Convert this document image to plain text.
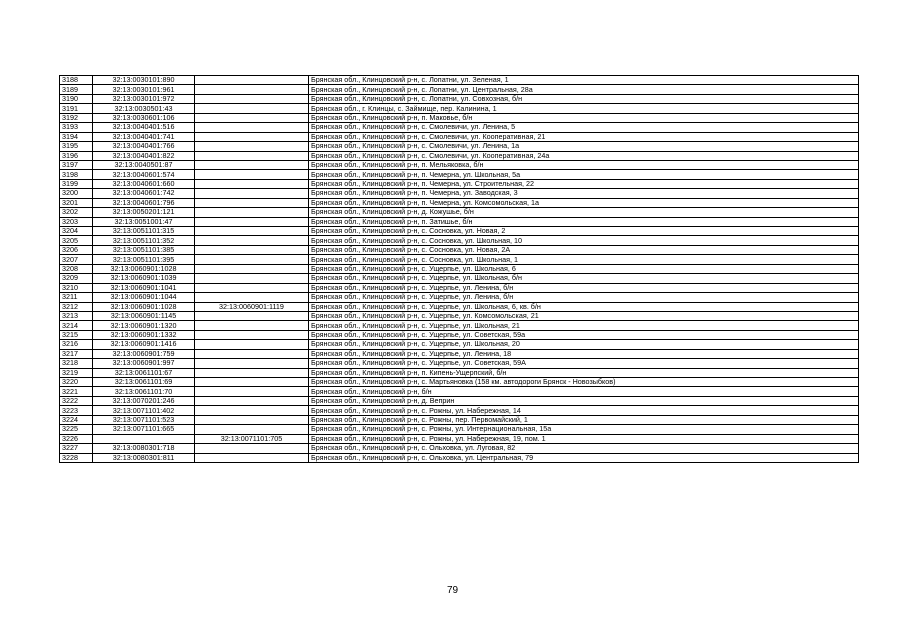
3188	32:13:0030101:890		Брянская обл., Клинцовский р-н, с. Лопатни, ул. Зеленая, 1
3189	32:13:0030101:961		Брянская обл., Клинцовский р-н, с. Лопатни, ул. Центральная, 28а
3190	32:13:0030101:972		Брянская обл., Клинцовский р-н, с. Лопатни, ул. Совхозная, б/н
3191	32:13:0030501:43		Брянская обл., г. Клинцы, с. Займище, пер. Калинина, 1
3192	32:13:0030601:106		Брянская обл., Клинцовский р-н, п. Маковье, б/н
3193	32:13:0040401:516		Брянская обл., Клинцовский р-н, с. Смолевичи, ул. Ленина, 5
3194	32:13:0040401:741		Брянская обл., Клинцовский р-н, с. Смолевичи, ул. Кооперативная, 21
3195	32:13:0040401:766		Брянская обл., Клинцовский р-н, с. Смолевичи, ул. Ленина, 1а
3196	32:13:0040401:822		Брянская обл., Клинцовский р-н, с. Смолевичи, ул. Кооперативная, 24а
3197	32:13:0040501:87		Брянская обл., Клинцовский р-н, п. Мельяковка, б/н
3198	32:13:0040601:574		Брянская обл., Клинцовский р-н, п. Чемерна, ул. Школьная, 5а
3199	32:13:0040601:660		Брянская обл., Клинцовский р-н, п. Чемерна, ул. Строительная, 22
3200	32:13:0040601:742		Брянская обл., Клинцовский р-н, п. Чемерна, ул. Заводская, 3
3201	32:13:0040601:796		Брянская обл., Клинцовский р-н, п. Чемерна, ул. Комсомольская, 1а
3202	32:13:0050201:121		Брянская обл., Клинцовский р-н, д. Кожушье, б/н
3203	32:13:0051001:47		Брянская обл., Клинцовский р-н, п. Затишье, б/н
3204	32:13:0051101:315		Брянская обл., Клинцовский р-н, с. Сосновка, ул. Новая, 2
3205	32:13:0051101:352		Брянская обл., Клинцовский р-н, с. Сосновка, ул. Школьная, 10
3206	32:13:0051101:385		Брянская обл., Клинцовский р-н, с. Сосновка, ул. Новая, 2А
3207	32:13:0051101:395		Брянская обл., Клинцовский р-н, с. Сосновка, ул. Школьная, 1
3208	32:13:0060901:1028		Брянская обл., Клинцовский р-н, с. Ущерпье, ул. Школьная, 6
3209	32:13:0060901:1039		Брянская обл., Клинцовский р-н, с. Ущерпье, ул. Школьная, б/н
3210	32:13:0060901:1041		Брянская обл., Клинцовский р-н, с. Ущерпье, ул. Ленина, б/н
3211	32:13:0060901:1044		Брянская обл., Клинцовский р-н, с. Ущерпье, ул. Ленина, б/н
3212	32:13:0060901:1028	32:13:0060901:1119	Брянская обл., Клинцовский р-н, с. Ущерпье, ул. Школьная, 6, кв. б/н
3213	32:13:0060901:1145		Брянская обл., Клинцовский р-н, с. Ущерпье, ул. Комсомольская, 21
3214	32:13:0060901:1320		Брянская обл., Клинцовский р-н, с. Ущерпье, ул. Школьная, 21
3215	32:13:0060901:1332		Брянская обл., Клинцовский р-н, с. Ущерпье, ул. Советская, 59а
3216	32:13:0060901:1416		Брянская обл., Клинцовский р-н, с. Ущерпье, ул. Школьная, 20
3217	32:13:0060901:759		Брянская обл., Клинцовский р-н, с. Ущерпье, ул. Ленина, 18
3218	32:13:0060901:997		Брянская обл., Клинцовский р-н, с. Ущерпье, ул. Советская, 59А
3219	32:13:0061101:67		Брянская обл., Клинцовский р-н, п. Кипень-Ущерпский, б/н
3220	32:13:0061101:69		Брянская обл., Клинцовский р-н, с. Мартьяновка (158 км. автодороги Брянск - Новозыбков)
3221	32:13:0061101:70		Брянская обл., Клинцовский р-н, б/н
3222	32:13:0070201:246		Брянская обл., Клинцовский р-н, д. Веприн
3223	32:13:0071101:402		Брянская обл., Клинцовский р-н, с. Рожны, ул. Набережная, 14
3224	32:13:0071101:523		Брянская обл., Клинцовский р-н, с. Рожны, пер. Первомайский, 1
3225	32:13:0071101:665		Брянская обл., Клинцовский р-н, с. Рожны, ул. Интернациональная, 15а
3226		32:13:0071101:705	Брянская обл., Клинцовский р-н, с. Рожны, ул. Набережная, 19, пом. 1
3227	32:13:0080301:718		Брянская обл., Клинцовский р-н, с. Ольховка, ул. Луговая, 82
3228	32:13:0080301:811		Брянская обл., Клинцовский р-н, с. Ольховка, ул. Центральная, 79
79
